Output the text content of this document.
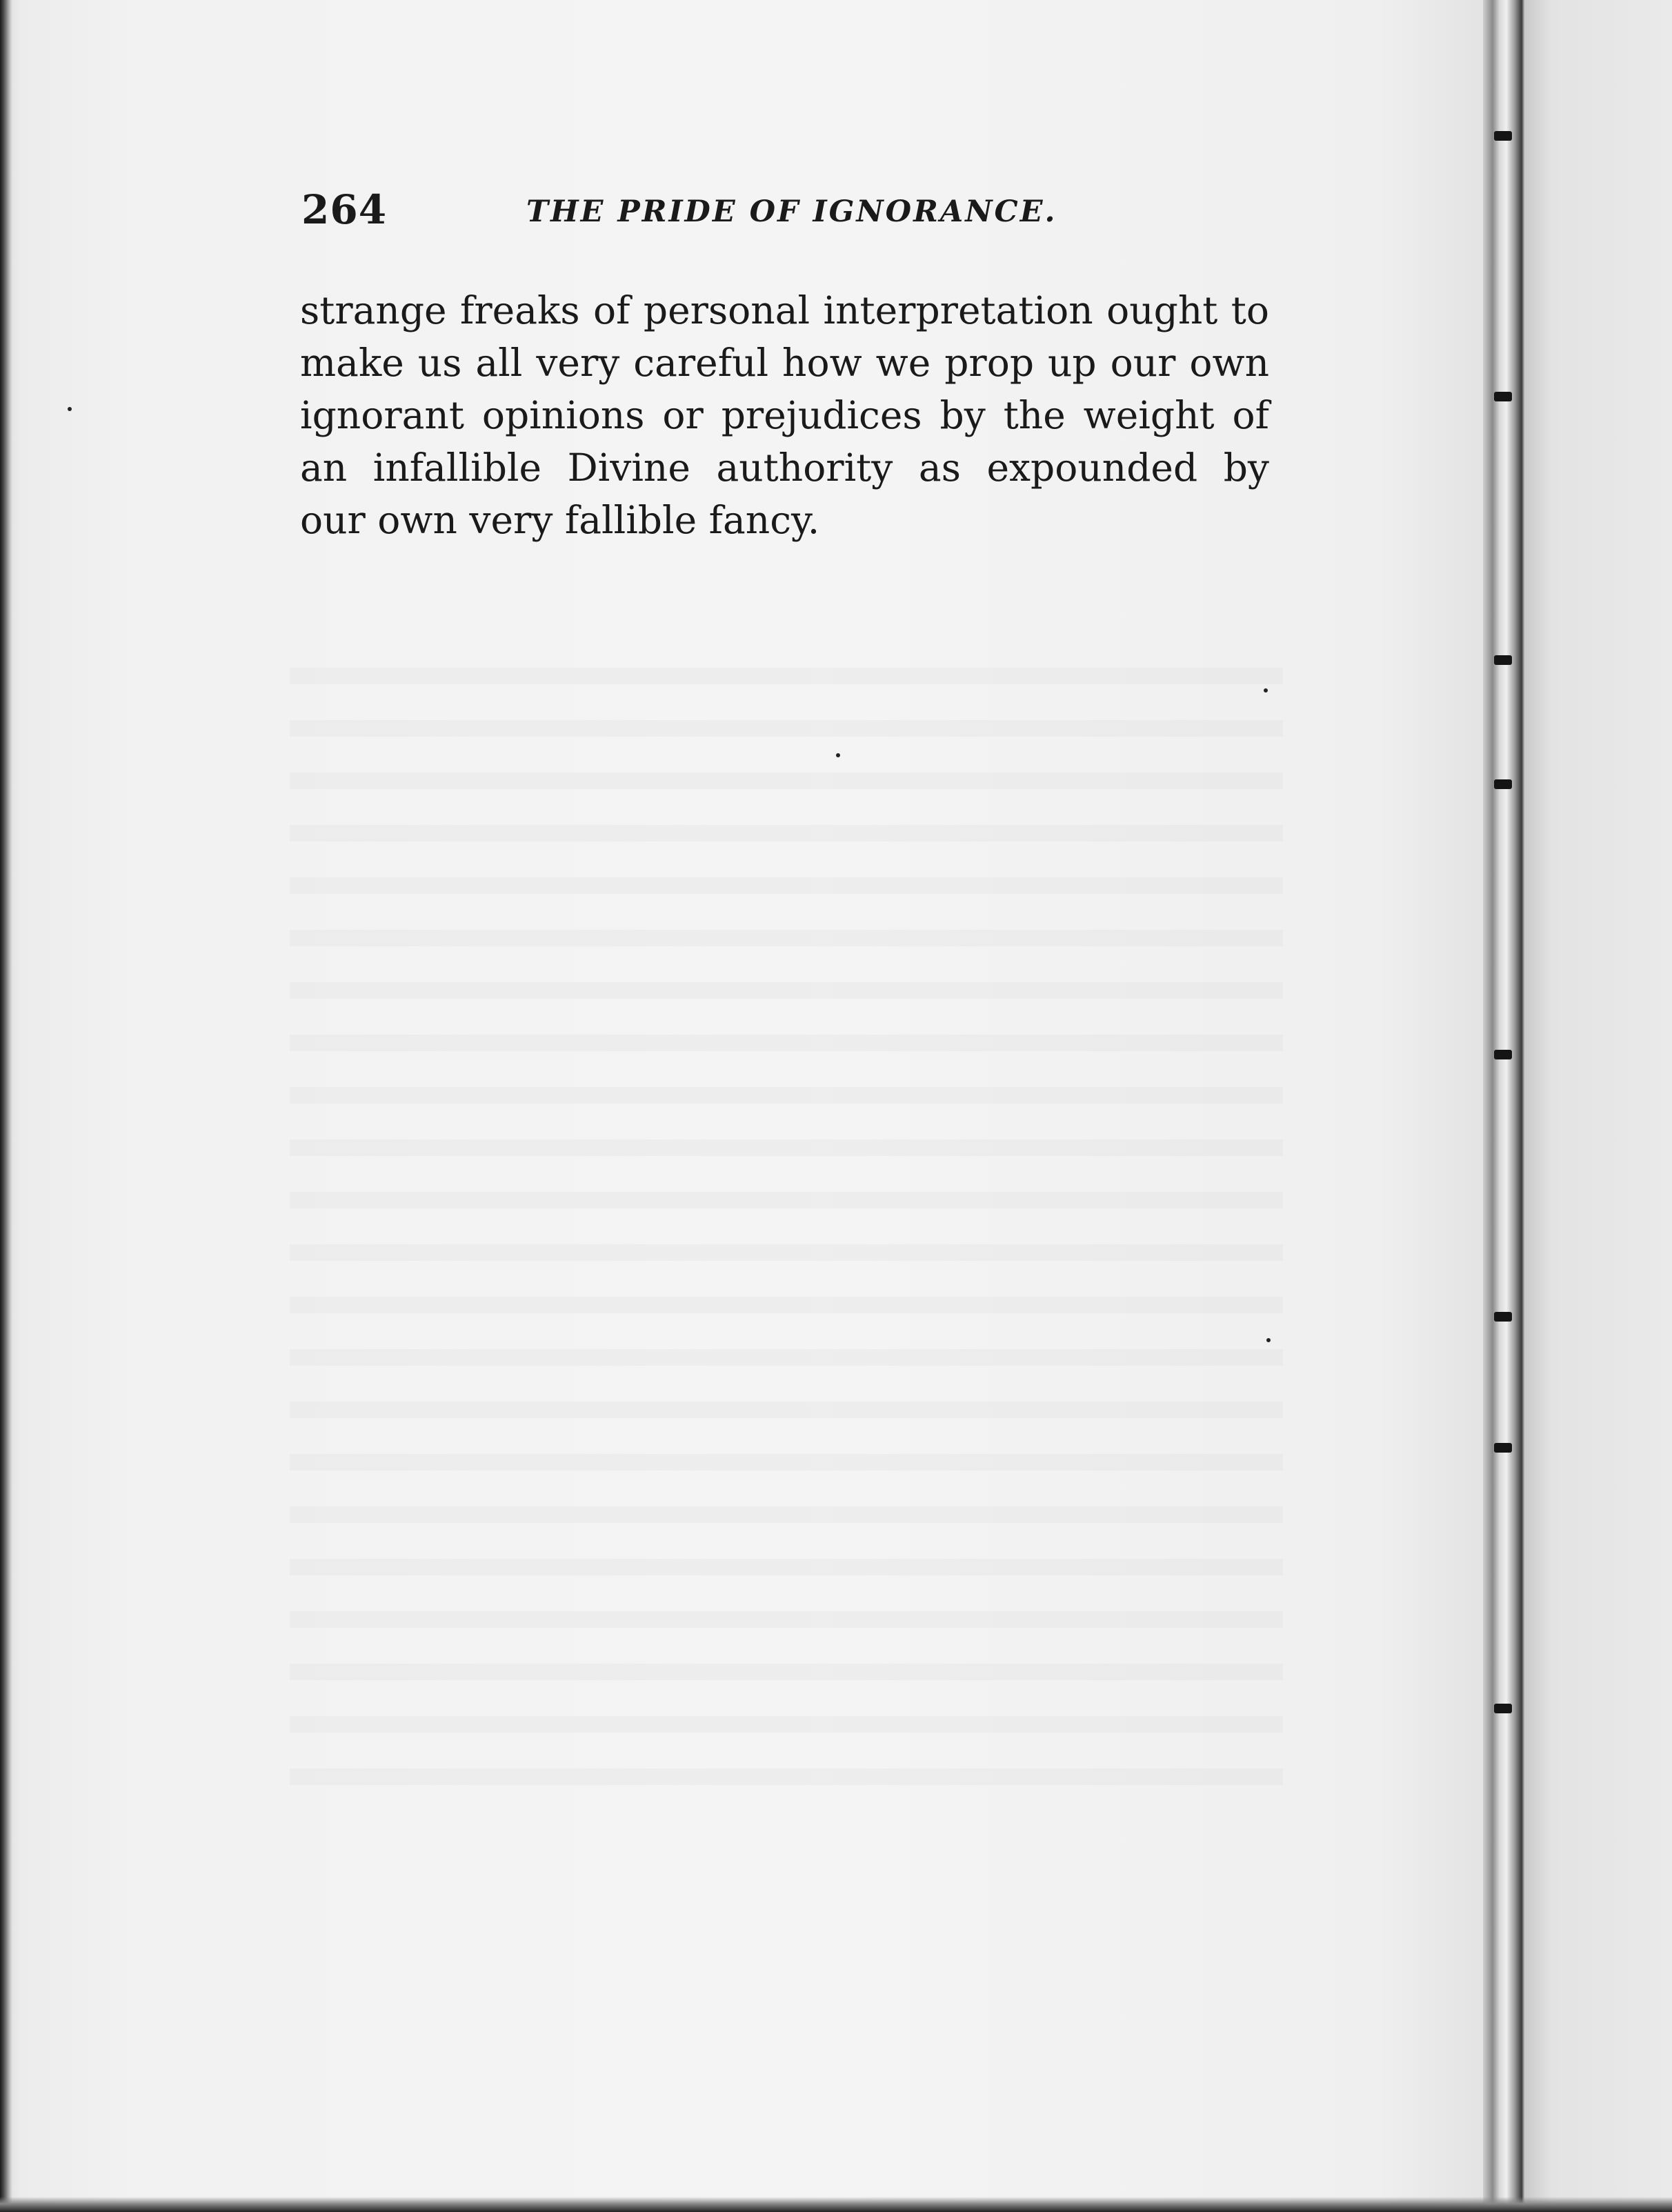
264	THE PRIDE OF IGNORANCE.
strange freaks of personal interpretation ought to
make us all very careful how we prop up our own
ignorant opinions or prejudices by the weight of
an infallible Divine authority as expounded by
our own very fallible fancy.
